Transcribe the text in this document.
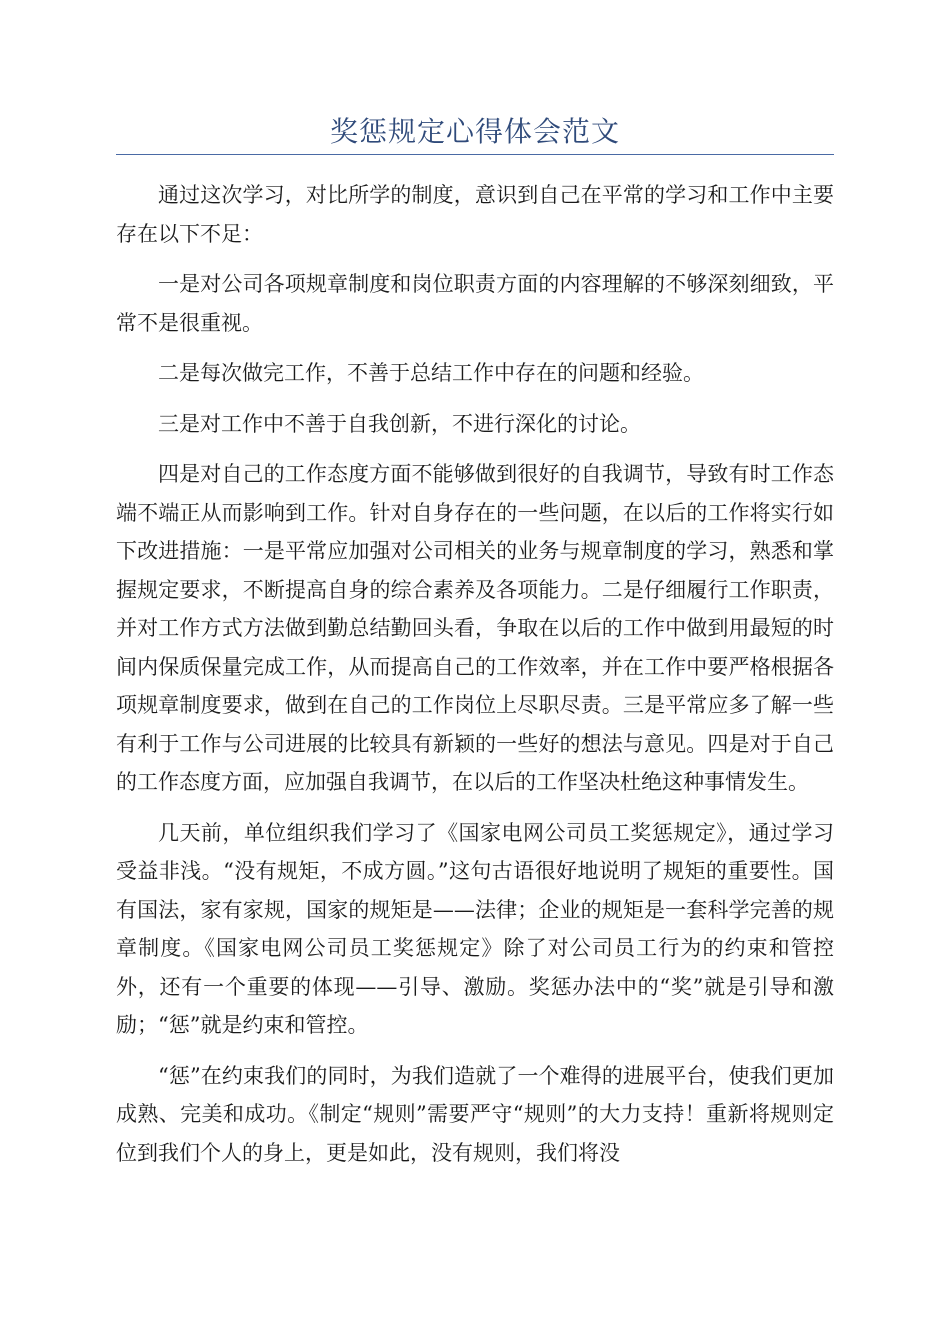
奖惩规定心得体会范文

通过这次学习，对比所学的制度，意识到自己在平常的学习和工作中主要存在以下不足：

一是对公司各项规章制度和岗位职责方面的内容理解的不够深刻细致，平常不是很重视。

二是每次做完工作，不善于总结工作中存在的问题和经验。

三是对工作中不善于自我创新，不进行深化的讨论。

四是对自己的工作态度方面不能够做到很好的自我调节，导致有时工作态端不端正从而影响到工作。针对自身存在的一些问题，在以后的工作将实行如下改进措施：一是平常应加强对公司相关的业务与规章制度的学习，熟悉和掌握规定要求，不断提高自身的综合素养及各项能力。二是仔细履行工作职责，并对工作方式方法做到勤总结勤回头看，争取在以后的工作中做到用最短的时间内保质保量完成工作，从而提高自己的工作效率，并在工作中要严格根据各项规章制度要求，做到在自己的工作岗位上尽职尽责。三是平常应多了解一些有利于工作与公司进展的比较具有新颖的一些好的想法与意见。四是对于自己的工作态度方面，应加强自我调节，在以后的工作坚决杜绝这种事情发生。

几天前，单位组织我们学习了《国家电网公司员工奖惩规定》，通过学习受益非浅。“没有规矩，不成方圆。”这句古语很好地说明了规矩的重要性。国有国法，家有家规，国家的规矩是——法律；企业的规矩是一套科学完善的规章制度。《国家电网公司员工奖惩规定》除了对公司员工行为的约束和管控外，还有一个重要的体现——引导、激励。奖惩办法中的“奖”就是引导和激励；“惩”就是约束和管控。

“惩”在约束我们的同时，为我们造就了一个难得的进展平台，使我们更加成熟、完美和成功。《制定“规则”需要严守“规则”的大力支持！重新将规则定位到我们个人的身上，更是如此，没有规则，我们将没
